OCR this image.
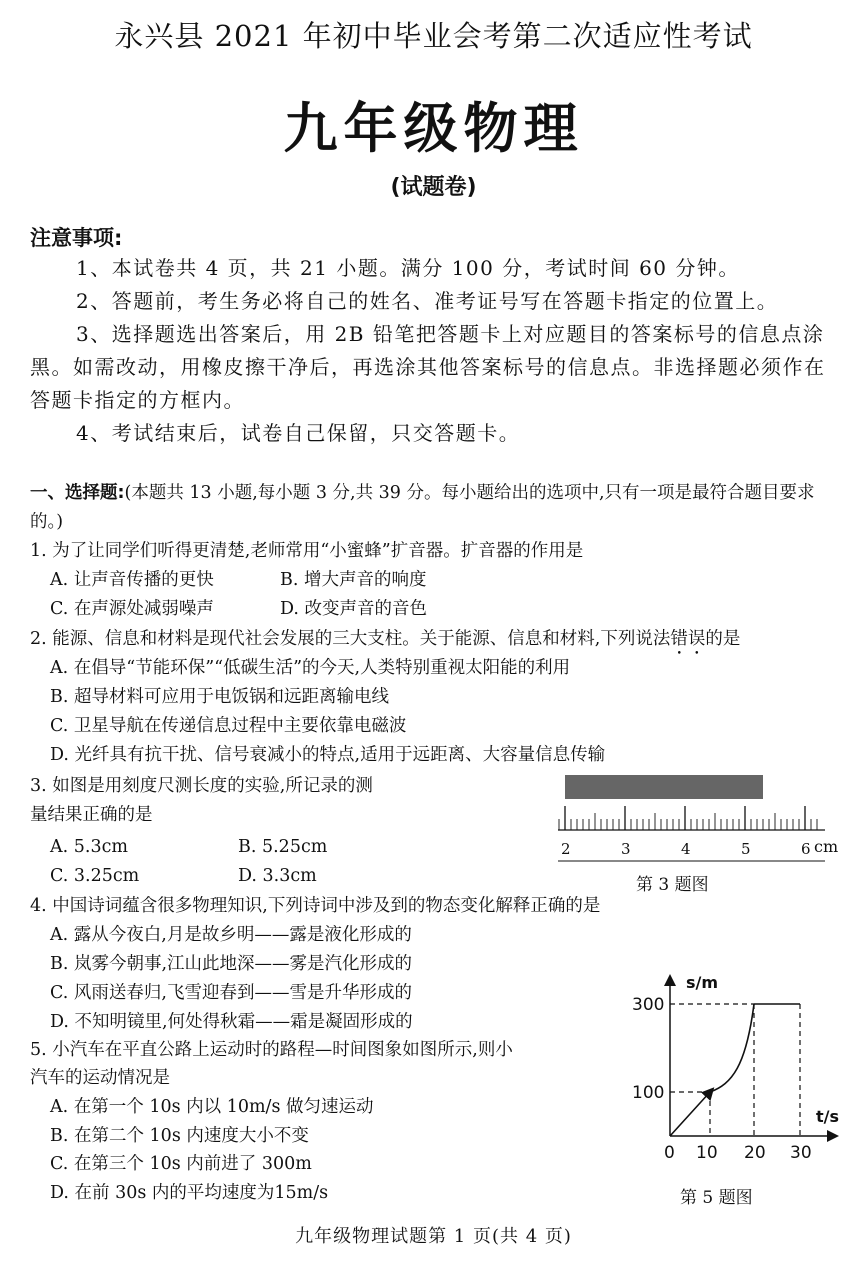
永兴县 2021 年初中毕业会考第二次适应性考试
九年级物理
(试题卷)
注意事项:
1、本试卷共 4 页，共 21 小题。满分 100 分，考试时间 60 分钟。
2、答题前，考生务必将自己的姓名、准考证号写在答题卡指定的位置上。
3、选择题选出答案后，用 2B 铅笔把答题卡上对应题目的答案标号的信息点涂黑。如需改动，用橡皮擦干净后，再选涂其他答案标号的信息点。非选择题必须作在答题卡指定的方框内。
4、考试结束后，试卷自己保留，只交答题卡。
一、选择题:(本题共 13 小题,每小题 3 分,共 39 分。每小题给出的选项中,只有一项是最符合题目要求的。)
1. 为了让同学们听得更清楚,老师常用“小蜜蜂”扩音器。扩音器的作用是
A. 让声音传播的更快	B. 增大声音的响度
C. 在声源处减弱噪声	D. 改变声音的音色
2. 能源、信息和材料是现代社会发展的三大支柱。关于能源、信息和材料,下列说法错误的是
A. 在倡导“节能环保”“低碳生活”的今天,人类特别重视太阳能的利用
B. 超导材料可应用于电饭锅和远距离输电线
C. 卫星导航在传递信息过程中主要依靠电磁波
D. 光纤具有抗干扰、信号衰减小的特点,适用于远距离、大容量信息传输
3. 如图是用刻度尺测长度的实验,所记录的测
量结果正确的是
A. 5.3cm	B. 5.25cm
C. 3.25cm	D. 3.3cm
2	3	4	5	6 cm
第 3 题图
4. 中国诗词蕴含很多物理知识,下列诗词中涉及到的物态变化解释正确的是
A. 露从今夜白,月是故乡明——露是液化形成的
B. 岚雾今朝事,江山此地深——雾是汽化形成的
C. 风雨送春归,飞雪迎春到——雪是升华形成的
D. 不知明镜里,何处得秋霜——霜是凝固形成的
5. 小汽车在平直公路上运动时的路程—时间图象如图所示,则小
汽车的运动情况是
A. 在第一个 10s 内以 10m/s 做匀速运动
B. 在第二个 10s 内速度大小不变
C. 在第三个 10s 内前进了 300m
D. 在前 30s 内的平均速度为15m/s
s/m
t/s
0 10 20 30
300
100
第 5 题图
九年级物理试题第 1 页(共 4 页)
